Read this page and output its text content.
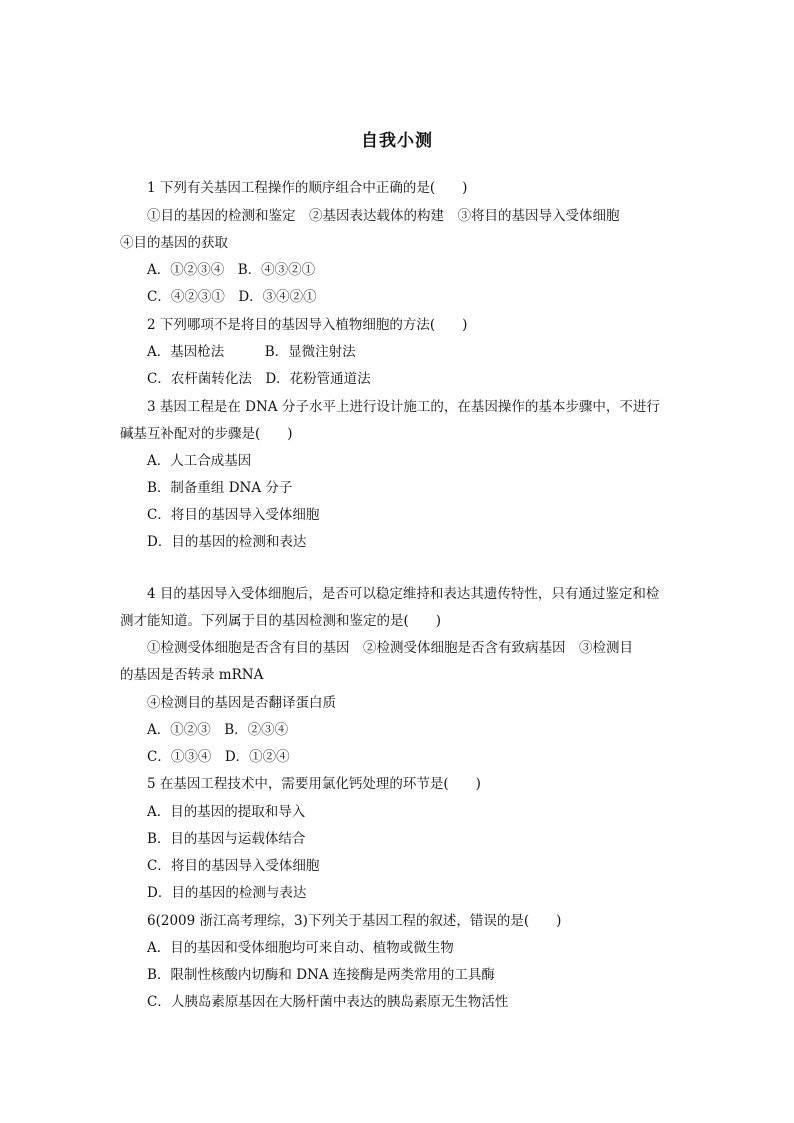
自我小测
1 下列有关基因工程操作的顺序组合中正确的是(　　)
①目的基因的检测和鉴定　②基因表达载体的构建　③将目的基因导入受体细胞
④目的基因的获取
A．①②③④　B．④③②①
C．④②③①　D．③④②①
2 下列哪项不是将目的基因导入植物细胞的方法(　　)
A．基因枪法　　　B．显微注射法
C．农杆菌转化法　D．花粉管通道法
3 基因工程是在 DNA 分子水平上进行设计施工的，在基因操作的基本步骤中，不进行
碱基互补配对的步骤是(　　)
A．人工合成基因
B．制备重组 DNA 分子
C．将目的基因导入受体细胞
D．目的基因的检测和表达
4 目的基因导入受体细胞后，是否可以稳定维持和表达其遗传特性，只有通过鉴定和检
测才能知道。下列属于目的基因检测和鉴定的是(　　)
①检测受体细胞是否含有目的基因　②检测受体细胞是否含有致病基因　③检测目
的基因是否转录 mRNA
④检测目的基因是否翻译蛋白质
A．①②③　B．②③④
C．①③④　D．①②④
5 在基因工程技术中，需要用氯化钙处理的环节是(　　)
A．目的基因的提取和导入
B．目的基因与运载体结合
C．将目的基因导入受体细胞
D．目的基因的检测与表达
6(2009 浙江高考理综，3)下列关于基因工程的叙述，错误的是(　　)
A．目的基因和受体细胞均可来自动、植物或微生物
B．限制性核酸内切酶和 DNA 连接酶是两类常用的工具酶
C．人胰岛素原基因在大肠杆菌中表达的胰岛素原无生物活性
